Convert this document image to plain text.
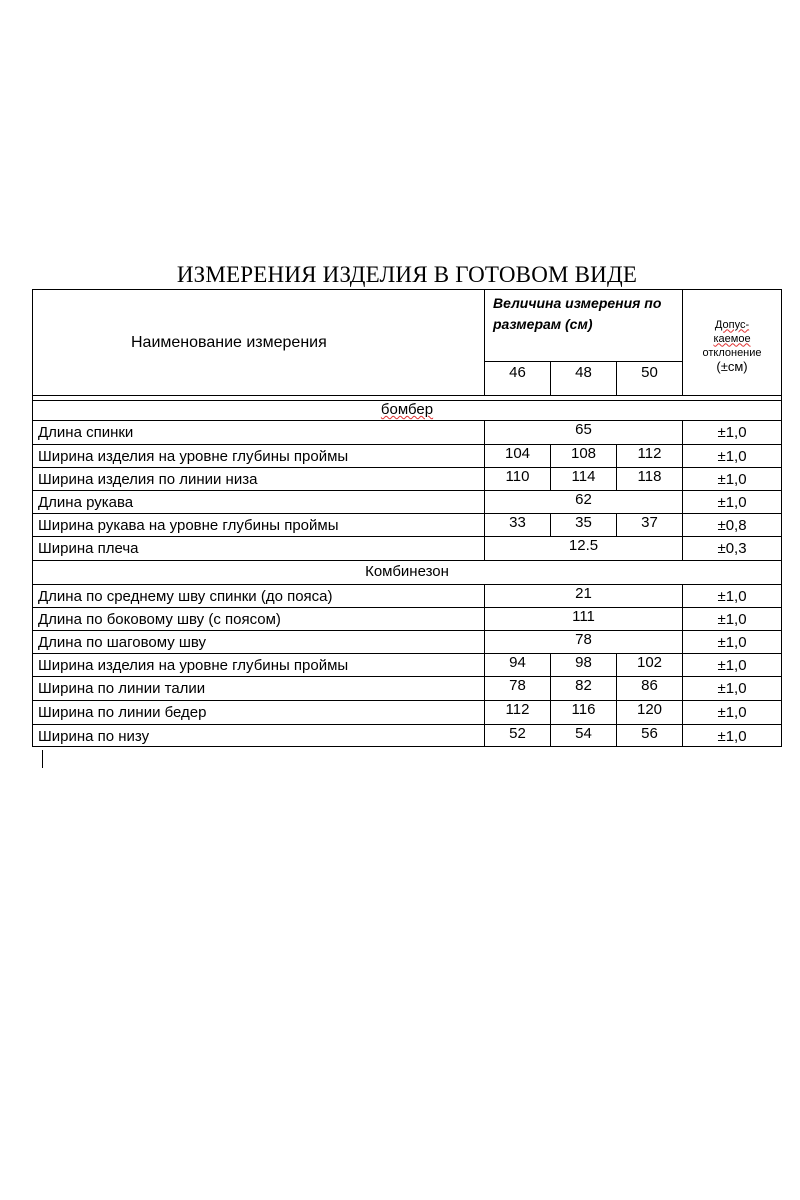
ИЗМЕРЕНИЯ ИЗДЕЛИЯ В ГОТОВОМ ВИДЕ
Наименование измерения	Величина измерения по размерам (см)			Допус-
каемое
отклонение
(±см)

	46	48	50	

бомбер				
Длина спинки	65			±1,0
Ширина изделия на уровне глубины проймы	104	108	112	±1,0
Ширина изделия по линии низа	110	114	118	±1,0
Длина рукава	62			±1,0
Ширина рукава на уровне глубины проймы	33	35	37	±0,8
Ширина плеча	12.5			±0,3
Комбинезон				
Длина по среднему шву спинки (до пояса)	21			±1,0
Длина по боковому шву (с поясом)	111			±1,0
Длина по шаговому шву	78			±1,0
Ширина изделия на уровне глубины проймы	94	98	102	±1,0
Ширина по линии талии	78	82	86	±1,0
Ширина по линии бедер	112	116	120	±1,0
Ширина по низу	52	54	56	±1,0
